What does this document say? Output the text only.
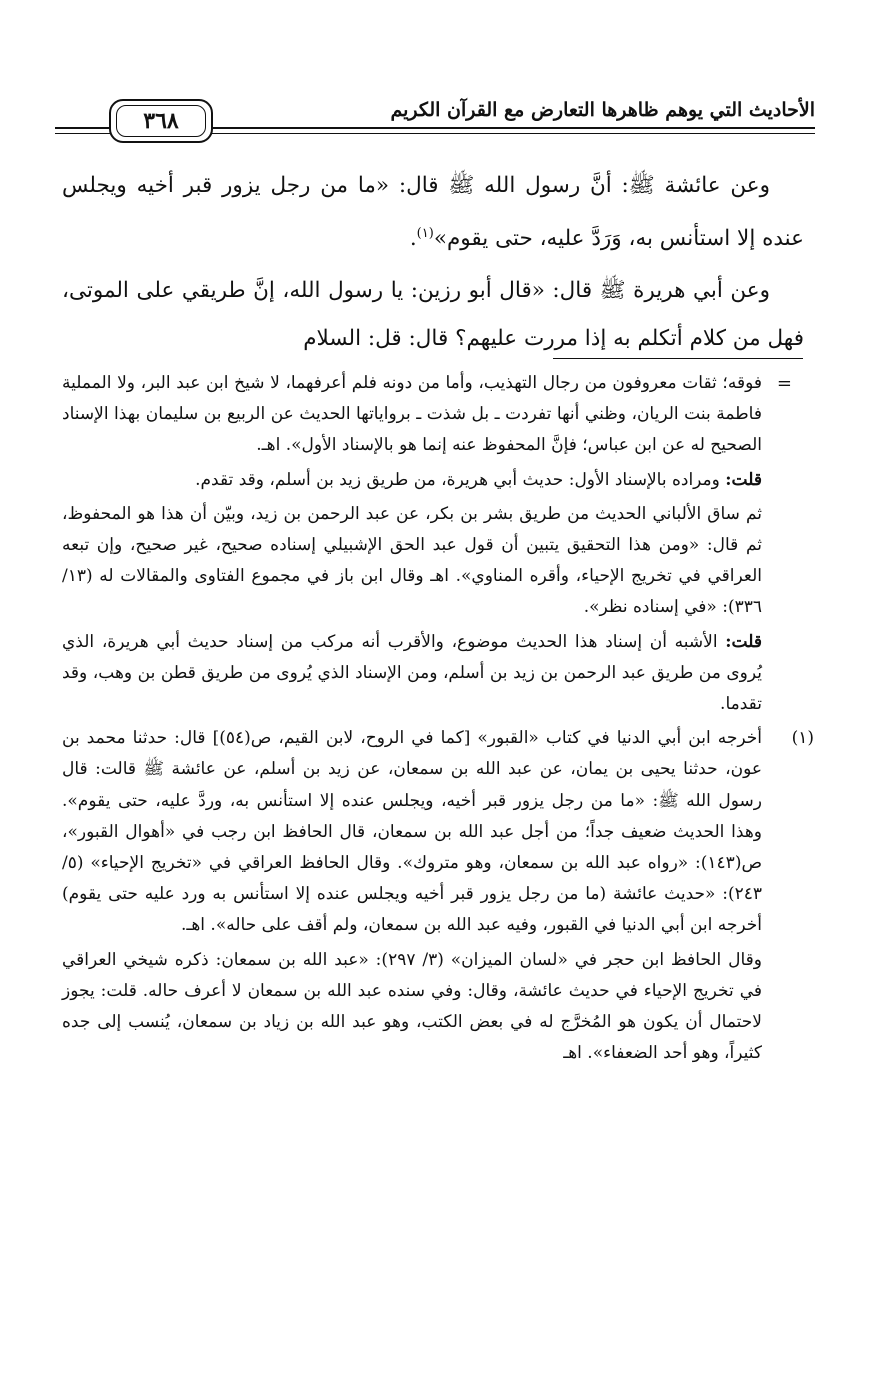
٣٦٨	الأحاديث التي يوهم ظاهرها التعارض مع القرآن الكريم

وعن عائشة ﷺ: أنَّ رسول الله ﷺ قال: «ما من رجل يزور قبر أخيه ويجلس عنده إلا استأنس به، وَرَدَّ عليه، حتى يقوم»$^{(١)}$.

وعن أبي هريرة ﷺ قال: «قال أبو رزين: يا رسول الله، إنَّ طريقي على الموتى، فهل من كلام أتكلم به إذا مررت عليهم؟ قال: قل: السلام

=
فوقه؛ ثقات معروفون من رجال التهذيب، وأما من دونه فلم أعرفهما، لا شيخ ابن عبد البر، ولا المملية فاطمة بنت الريان، وظني أنها تفردت ـ بل شذت ـ برواياتها الحديث عن الربيع بن سليمان بهذا الإسناد الصحيح له عن ابن عباس؛ فإنَّ المحفوظ عنه إنما هو بالإسناد الأول». اهـ.

قلت: ومراده بالإسناد الأول: حديث أبي هريرة، من طريق زيد بن أسلم، وقد تقدم.

ثم ساق الألباني الحديث من طريق بشر بن بكر، عن عبد الرحمن بن زيد، وبيّن أن هذا هو المحفوظ، ثم قال: «ومن هذا التحقيق يتبين أن قول عبد الحق الإشبيلي إسناده صحيح، غير صحيح، وإن تبعه العراقي في تخريج الإحياء، وأقره المناوي». اهـ وقال ابن باز في مجموع الفتاوى والمقالات له (١٣/ ٣٣٦): «في إسناده نظر».

قلت: الأشبه أن إسناد هذا الحديث موضوع، والأقرب أنه مركب من إسناد حديث أبي هريرة، الذي يُروى من طريق عبد الرحمن بن زيد بن أسلم، ومن الإسناد الذي يُروى من طريق قطن بن وهب، وقد تقدما.

(١)
أخرجه ابن أبي الدنيا في كتاب «القبور» [كما في الروح، لابن القيم، ص(٥٤)] قال: حدثنا محمد بن عون، حدثنا يحيى بن يمان، عن عبد الله بن سمعان، عن زيد بن أسلم، عن عائشة ﷺ قالت: قال رسول الله ﷺ: «ما من رجل يزور قبر أخيه، ويجلس عنده إلا استأنس به، وردَّ عليه، حتى يقوم». وهذا الحديث ضعيف جداً؛ من أجل عبد الله بن سمعان، قال الحافظ ابن رجب في «أهوال القبور»، ص(١٤٣): «رواه عبد الله بن سمعان، وهو متروك». وقال الحافظ العراقي في «تخريج الإحياء» (٥/ ٢٤٣): «حديث عائشة (ما من رجل يزور قبر أخيه ويجلس عنده إلا استأنس به ورد عليه حتى يقوم) أخرجه ابن أبي الدنيا في القبور، وفيه عبد الله بن سمعان، ولم أقف على حاله». اهـ.

وقال الحافظ ابن حجر في «لسان الميزان» (٣/ ٢٩٧): «عبد الله بن سمعان: ذكره شيخي العراقي في تخريج الإحياء في حديث عائشة، وقال: وفي سنده عبد الله بن سمعان لا أعرف حاله. قلت: يجوز لاحتمال أن يكون هو المُخرَّج له في بعض الكتب، وهو عبد الله بن زياد بن سمعان، يُنسب إلى جده كثيراً، وهو أحد الضعفاء». اهـ
